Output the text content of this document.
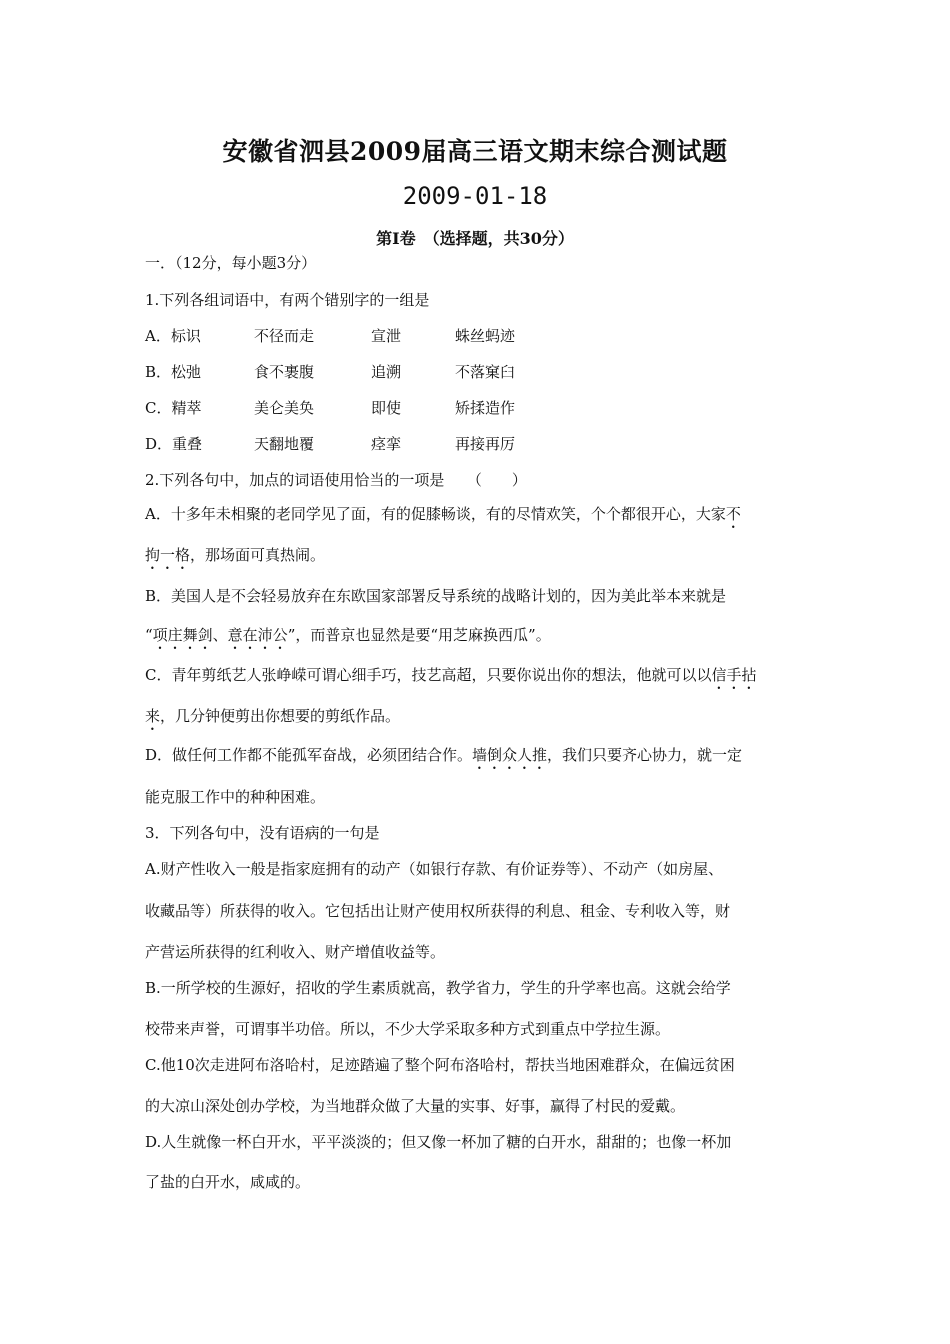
安徽省泗县2009届高三语文期末综合测试题
2009-01-18
第Ⅰ卷　（选择题，共30分）
一．（12分，每小题3分）
1.下列各组词语中，有两个错别字的一组是
A．标识	不径而走	宣泄	蛛丝蚂迹
B．松弛	食不裹腹	追溯	不落窠臼
C．精萃	美仑美奂	即使	矫揉造作
D．重叠	天翻地覆	痉挛	再接再厉
2.下列各句中，加点的词语使用恰当的一项是　　（　　）
A．十多年未相聚的老同学见了面，有的促膝畅谈，有的尽情欢笑，个个都很开心，大家不
拘一格，那场面可真热闹。
B．美国人是不会轻易放弃在东欧国家部署反导系统的战略计划的，因为美此举本来就是
“项庄舞剑、意在沛公”，而普京也显然是要“用芝麻换西瓜”。
C．青年剪纸艺人张峥嵘可谓心细手巧，技艺高超，只要你说出你的想法，他就可以以信手拈
来，几分钟便剪出你想要的剪纸作品。
D．做任何工作都不能孤军奋战，必须团结合作。墙倒众人推，我们只要齐心协力，就一定
能克服工作中的种种困难。
3．下列各句中，没有语病的一句是
A.财产性收入一般是指家庭拥有的动产（如银行存款、有价证券等）、不动产（如房屋、
收藏品等）所获得的收入。它包括出让财产使用权所获得的利息、租金、专利收入等，财
产营运所获得的红利收入、财产增值收益等。
B.一所学校的生源好，招收的学生素质就高，教学省力，学生的升学率也高。这就会给学
校带来声誉，可谓事半功倍。所以，不少大学采取多种方式到重点中学拉生源。
C.他10次走进阿布洛哈村，足迹踏遍了整个阿布洛哈村，帮扶当地困难群众，在偏远贫困
的大凉山深处创办学校，为当地群众做了大量的实事、好事，赢得了村民的爱戴。
D.人生就像一杯白开水，平平淡淡的；但又像一杯加了糖的白开水，甜甜的；也像一杯加
了盐的白开水，咸咸的。
